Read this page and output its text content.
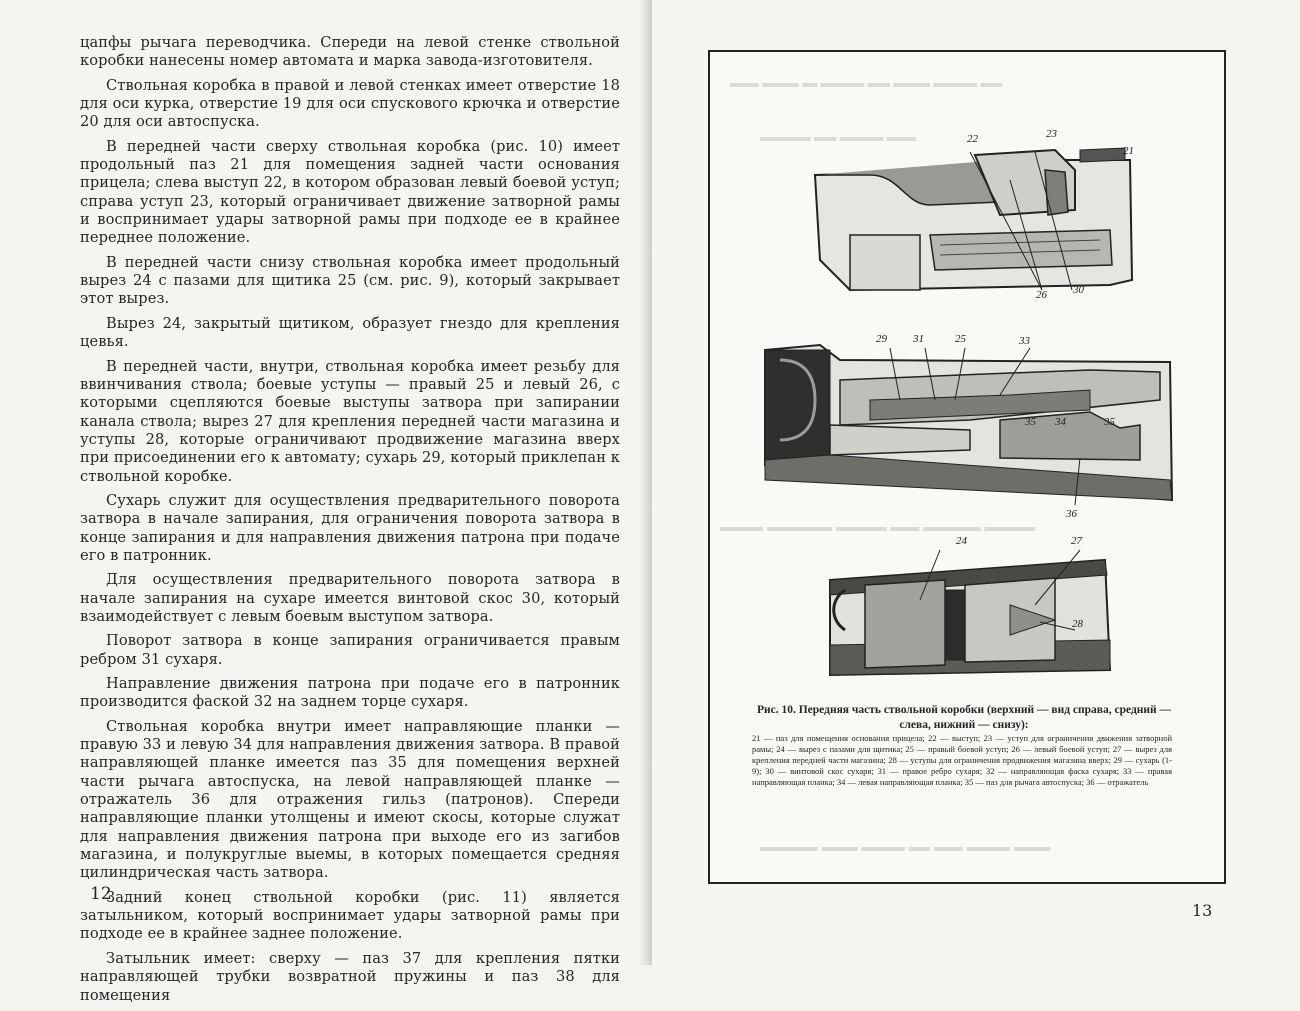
цапфы рычага переводчика. Спереди на левой стенке ствольной коробки нанесены номер автомата и марка завода-изготовителя.

Ствольная коробка в правой и левой стенках имеет отверстие 18 для оси курка, отверстие 19 для оси спускового крючка и отверстие 20 для оси автоспуска.

В передней части сверху ствольная коробка (рис. 10) имеет продольный паз 21 для помещения задней части основания прицела; слева выступ 22, в котором образован левый боевой уступ; справа уступ 23, который ограничивает движение затворной рамы и воспринимает удары затворной рамы при подходе ее в крайнее переднее положение.

В передней части снизу ствольная коробка имеет продольный вырез 24 с пазами для щитика 25 (см. рис. 9), который закрывает этот вырез.

Вырез 24, закрытый щитиком, образует гнездо для крепления цевья.

В передней части, внутри, ствольная коробка имеет резьбу для ввинчивания ствола; боевые уступы — правый 25 и левый 26, с которыми сцепляются боевые выступы затвора при запирании канала ствола; вырез 27 для крепления передней части магазина и уступы 28, которые ограничивают продвижение магазина вверх при присоединении его к автомату; сухарь 29, который приклепан к ствольной коробке.

Сухарь служит для осуществления предварительного поворота затвора в начале запирания, для ограничения поворота затвора в конце запирания и для направления движения патрона при подаче его в патронник.

Для осуществления предварительного поворота затвора в начале запирания на сухаре имеется винтовой скос 30, который взаимодействует с левым боевым выступом затвора.

Поворот затвора в конце запирания ограничивается правым ребром 31 сухаря.

Направление движения патрона при подаче его в патронник производится фаской 32 на заднем торце сухаря.

Ствольная коробка внутри имеет направляющие планки — правую 33 и левую 34 для направления движения затвора. В правой направляющей планке имеется паз 35 для помещения верхней части рычага автоспуска, на левой направляющей планке — отражатель 36 для отражения гильз (патронов). Спереди направляющие планки утолщены и имеют скосы, которые служат для направления движения патрона при выходе его из загибов магазина, и полукруглые выемы, в которых помещается средняя цилиндрическая часть затвора.

Задний конец ствольной коробки (рис. 11) является затыльником, который воспринимает удары затворной рамы при подходе ее в крайнее заднее положение.

Затыльник имеет: сверху — паз 37 для крепления пятки направляющей трубки возвратной пружины и паз 38 для помещения

12
═══ ══════ ═════ ═══ ══════ ══ ═════ ════
════ ══════ ═══ ═══════
═══════ ════════ ════ ═══════ ═════════ ══════
═════ ══════ ════ ═══ ══════ ═════ ════════
22	23
21
26 30
29 31	25	33
35 34	35
36
24	27
28
Рис. 10. Передняя часть ствольной коробки (верхний — вид справа, средний — слева, нижний — снизу):
21 — паз для помещения основания прицела; 22 — выступ; 23 — уступ для ограничения движения затворной рамы; 24 — вырез с пазами для щитика; 25 — правый боевой уступ; 26 — левый боевой уступ; 27 — вырез для крепления передней части магазина; 28 — уступы для ограничения продвижения магазина вверх; 29 — сухарь (1-9); 30 — винтовой скос сухаря; 31 — правое ребро сухаря; 32 — направляющая фаска сухаря; 33 — правая направляющая планка; 34 — левая направляющая планка; 35 — паз для рычага автоспуска; 36 — отражатель
13
